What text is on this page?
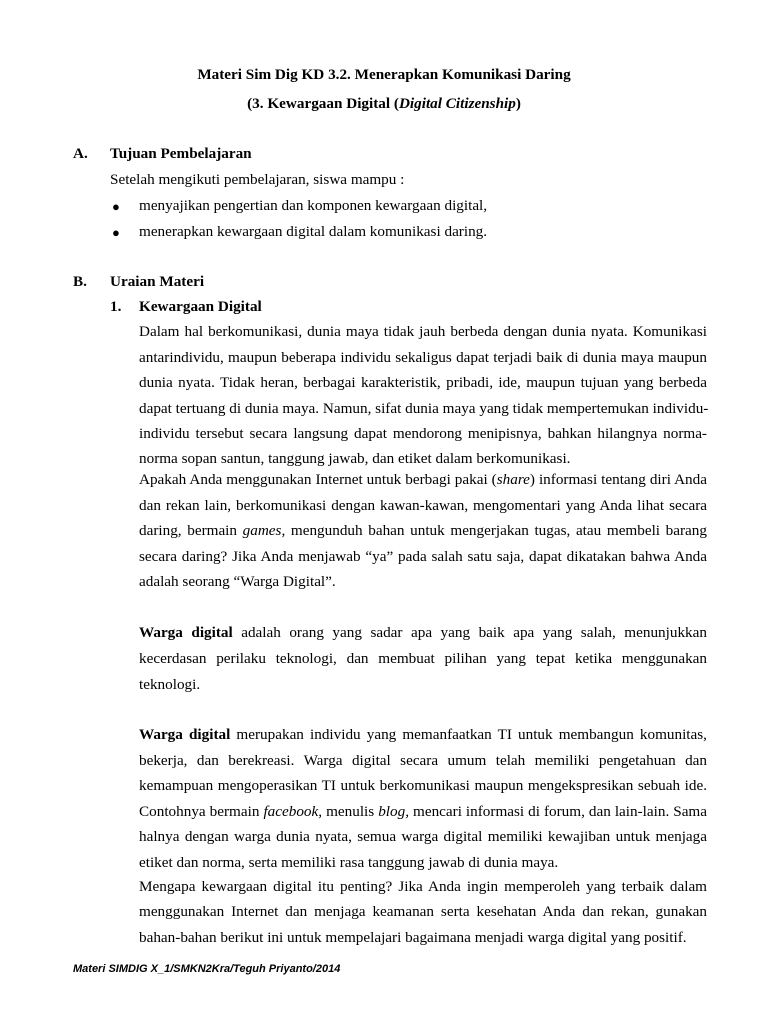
Materi Sim Dig KD 3.2. Menerapkan Komunikasi Daring
(3. Kewargaan Digital (Digital Citizenship)
A. Tujuan Pembelajaran
Setelah mengikuti pembelajaran, siswa mampu :
● menyajikan pengertian dan komponen kewargaan digital,
● menerapkan kewargaan digital dalam komunikasi daring.
B. Uraian Materi
1. Kewargaan Digital
Dalam hal berkomunikasi, dunia maya tidak jauh berbeda dengan dunia nyata. Komunikasi
antarindividu, maupun beberapa individu sekaligus dapat terjadi baik di dunia maya maupun
dunia nyata. Tidak heran, berbagai karakteristik, pribadi, ide, maupun tujuan yang berbeda
dapat tertuang di dunia maya. Namun, sifat dunia maya yang tidak mempertemukan individu-
individu tersebut secara langsung dapat mendorong menipisnya, bahkan hilangnya norma-
norma sopan santun, tanggung jawab, dan etiket dalam berkomunikasi.
Apakah Anda menggunakan Internet untuk berbagi pakai (share) informasi tentang diri Anda
dan rekan lain, berkomunikasi dengan kawan-kawan, mengomentari yang Anda lihat secara
daring, bermain games, mengunduh bahan untuk mengerjakan tugas, atau membeli barang
secara daring? Jika Anda menjawab “ya” pada salah satu saja, dapat dikatakan bahwa Anda
adalah seorang “Warga Digital”.
Warga digital adalah orang yang sadar apa yang baik apa yang salah, menunjukkan
kecerdasan perilaku teknologi, dan membuat pilihan yang tepat ketika menggunakan
teknologi.
Warga digital merupakan individu yang memanfaatkan TI untuk membangun komunitas,
bekerja, dan berekreasi. Warga digital secara umum telah memiliki pengetahuan dan
kemampuan mengoperasikan TI untuk berkomunikasi maupun mengekspresikan sebuah ide.
Contohnya bermain facebook, menulis blog, mencari informasi di forum, dan lain-lain. Sama
halnya dengan warga dunia nyata, semua warga digital memiliki kewajiban untuk menjaga
etiket dan norma, serta memiliki rasa tanggung jawab di dunia maya.
Mengapa kewargaan digital itu penting? Jika Anda ingin memperoleh yang terbaik dalam
menggunakan Internet dan menjaga keamanan serta kesehatan Anda dan rekan, gunakan
bahan-bahan berikut ini untuk mempelajari bagaimana menjadi warga digital yang positif.
Materi SIMDIG X_1/SMKN2Kra/Teguh Priyanto/2014
